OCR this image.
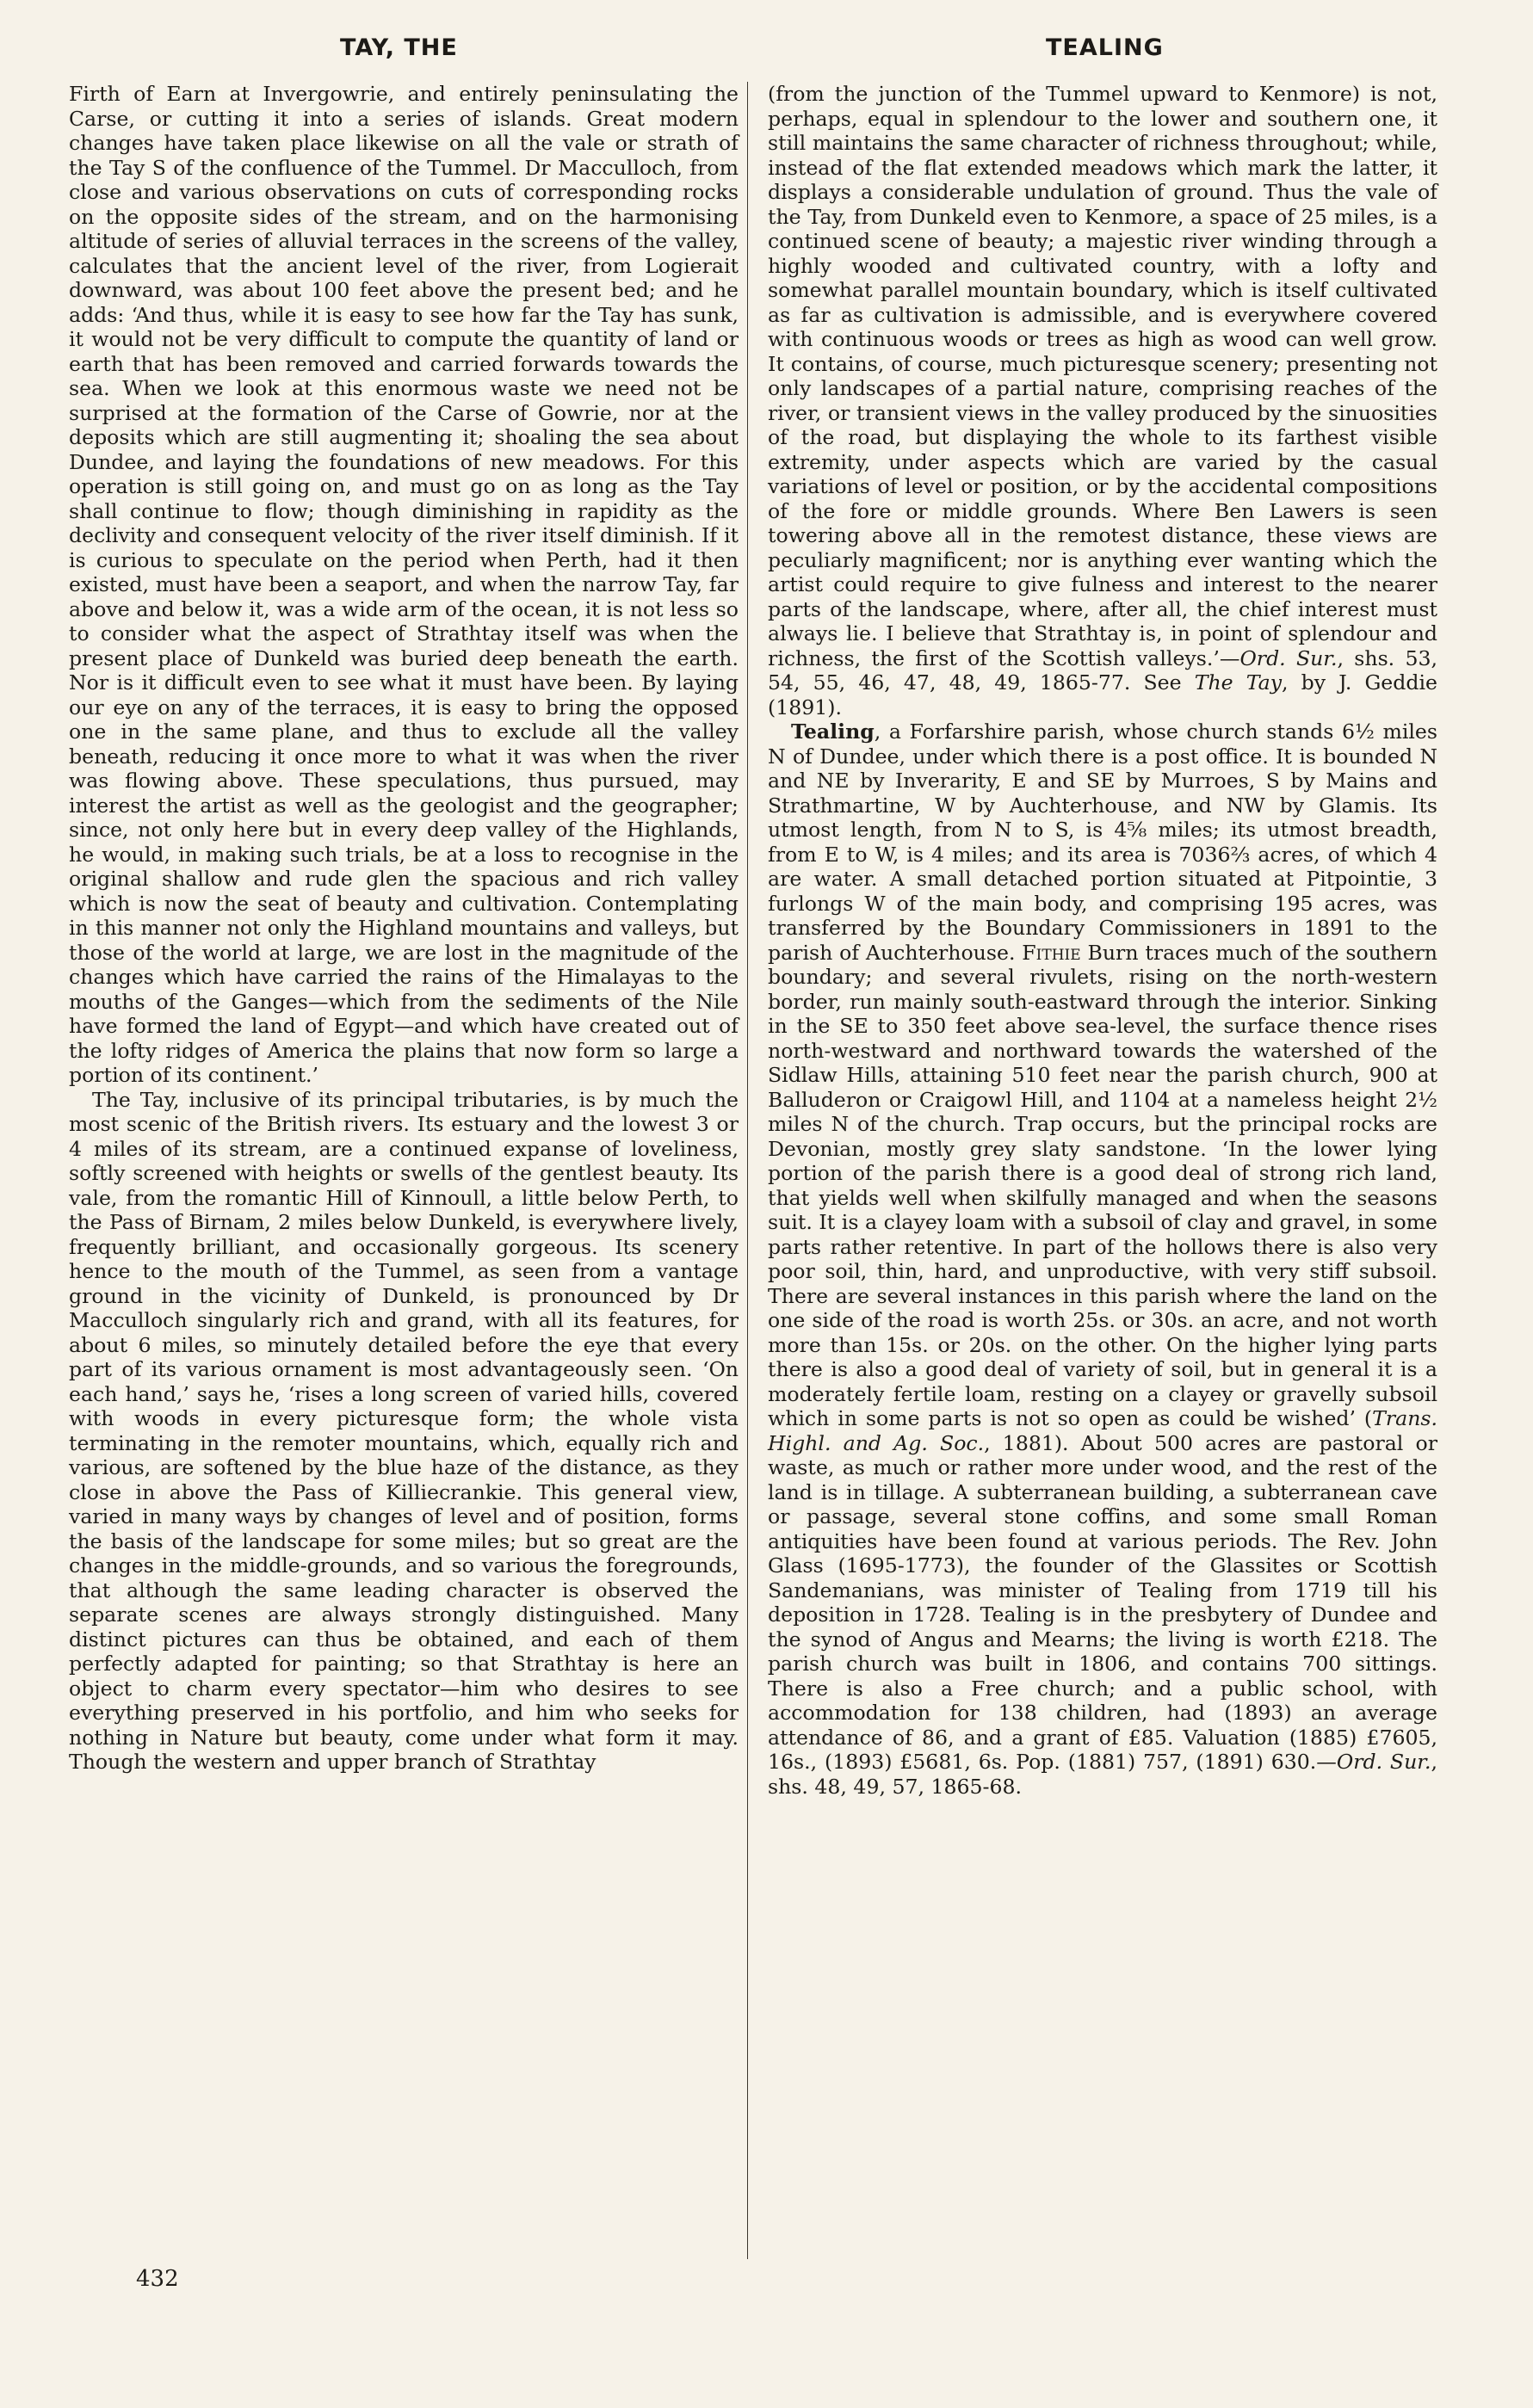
TAY, THE	TEALING

Firth of Earn at Invergowrie, and entirely peninsulating the Carse, or cutting it into a series of islands. Great modern changes have taken place likewise on all the vale or strath of the Tay S of the confluence of the Tummel. Dr Macculloch, from close and various observations on cuts of corresponding rocks on the opposite sides of the stream, and on the harmonising altitude of series of alluvial terraces in the screens of the valley, calculates that the ancient level of the river, from Logierait downward, was about 100 feet above the present bed; and he adds: ‘And thus, while it is easy to see how far the Tay has sunk, it would not be very difficult to compute the quantity of land or earth that has been removed and carried forwards towards the sea. When we look at this enormous waste we need not be surprised at the formation of the Carse of Gowrie, nor at the deposits which are still augmenting it; shoaling the sea about Dundee, and laying the foundations of new meadows. For this operation is still going on, and must go on as long as the Tay shall continue to flow; though diminishing in rapidity as the declivity and consequent velocity of the river itself diminish. If it is curious to speculate on the period when Perth, had it then existed, must have been a seaport, and when the narrow Tay, far above and below it, was a wide arm of the ocean, it is not less so to consider what the aspect of Strathtay itself was when the present place of Dunkeld was buried deep beneath the earth. Nor is it difficult even to see what it must have been. By laying our eye on any of the terraces, it is easy to bring the opposed one in the same plane, and thus to exclude all the valley beneath, reducing it once more to what it was when the river was flowing above. These speculations, thus pursued, may interest the artist as well as the geologist and the geographer; since, not only here but in every deep valley of the Highlands, he would, in making such trials, be at a loss to recognise in the original shallow and rude glen the spacious and rich valley which is now the seat of beauty and cultivation. Contemplating in this manner not only the Highland mountains and valleys, but those of the world at large, we are lost in the magnitude of the changes which have carried the rains of the Himalayas to the mouths of the Ganges—which from the sediments of the Nile have formed the land of Egypt—and which have created out of the lofty ridges of America the plains that now form so large a portion of its continent.’

The Tay, inclusive of its principal tributaries, is by much the most scenic of the British rivers. Its estuary and the lowest 3 or 4 miles of its stream, are a continued expanse of loveliness, softly screened with heights or swells of the gentlest beauty. Its vale, from the romantic Hill of Kinnoull, a little below Perth, to the Pass of Birnam, 2 miles below Dunkeld, is everywhere lively, frequently brilliant, and occasionally gorgeous. Its scenery hence to the mouth of the Tummel, as seen from a vantage ground in the vicinity of Dunkeld, is pronounced by Dr Macculloch singularly rich and grand, with all its features, for about 6 miles, so minutely detailed before the eye that every part of its various ornament is most advantageously seen. ‘On each hand,’ says he, ‘rises a long screen of varied hills, covered with woods in every picturesque form; the whole vista terminating in the remoter mountains, which, equally rich and various, are softened by the blue haze of the distance, as they close in above the Pass of Killiecrankie. This general view, varied in many ways by changes of level and of position, forms the basis of the landscape for some miles; but so great are the changes in the middle-grounds, and so various the foregrounds, that although the same leading character is observed the separate scenes are always strongly distinguished. Many distinct pictures can thus be obtained, and each of them perfectly adapted for painting; so that Strathtay is here an object to charm every spectator—him who desires to see everything preserved in his portfolio, and him who seeks for nothing in Nature but beauty, come under what form it may. Though the western and upper branch of Strathtay

(from the junction of the Tummel upward to Kenmore) is not, perhaps, equal in splendour to the lower and southern one, it still maintains the same character of richness throughout; while, instead of the flat extended meadows which mark the latter, it displays a considerable undulation of ground. Thus the vale of the Tay, from Dunkeld even to Kenmore, a space of 25 miles, is a continued scene of beauty; a majestic river winding through a highly wooded and cultivated country, with a lofty and somewhat parallel mountain boundary, which is itself cultivated as far as cultivation is admissible, and is everywhere covered with continuous woods or trees as high as wood can well grow. It contains, of course, much picturesque scenery; presenting not only landscapes of a partial nature, comprising reaches of the river, or transient views in the valley produced by the sinuosities of the road, but displaying the whole to its farthest visible extremity, under aspects which are varied by the casual variations of level or position, or by the accidental compositions of the fore or middle grounds. Where Ben Lawers is seen towering above all in the remotest distance, these views are peculiarly magnificent; nor is anything ever wanting which the artist could require to give fulness and interest to the nearer parts of the landscape, where, after all, the chief interest must always lie. I believe that Strathtay is, in point of splendour and richness, the first of the Scottish valleys.’—Ord. Sur., shs. 53, 54, 55, 46, 47, 48, 49, 1865-77. See The Tay, by J. Geddie (1891).

Tealing, a Forfarshire parish, whose church stands 6½ miles N of Dundee, under which there is a post office. It is bounded N and NE by Inverarity, E and SE by Murroes, S by Mains and Strathmartine, W by Auchterhouse, and NW by Glamis. Its utmost length, from N to S, is 4⅝ miles; its utmost breadth, from E to W, is 4 miles; and its area is 7036⅔ acres, of which 4 are water. A small detached portion situated at Pitpointie, 3 furlongs W of the main body, and comprising 195 acres, was transferred by the Boundary Commissioners in 1891 to the parish of Auchterhouse. Fithie Burn traces much of the southern boundary; and several rivulets, rising on the north-western border, run mainly south-eastward through the interior. Sinking in the SE to 350 feet above sea-level, the surface thence rises north-westward and northward towards the watershed of the Sidlaw Hills, attaining 510 feet near the parish church, 900 at Balluderon or Craigowl Hill, and 1104 at a nameless height 2½ miles N of the church. Trap occurs, but the principal rocks are Devonian, mostly grey slaty sandstone. ‘In the lower lying portion of the parish there is a good deal of strong rich land, that yields well when skilfully managed and when the seasons suit. It is a clayey loam with a subsoil of clay and gravel, in some parts rather retentive. In part of the hollows there is also very poor soil, thin, hard, and unproductive, with very stiff subsoil. There are several instances in this parish where the land on the one side of the road is worth 25s. or 30s. an acre, and not worth more than 15s. or 20s. on the other. On the higher lying parts there is also a good deal of variety of soil, but in general it is a moderately fertile loam, resting on a clayey or gravelly subsoil which in some parts is not so open as could be wished’ (Trans. Highl. and Ag. Soc., 1881). About 500 acres are pastoral or waste, as much or rather more under wood, and the rest of the land is in tillage. A subterranean building, a subterranean cave or passage, several stone coffins, and some small Roman antiquities have been found at various periods. The Rev. John Glass (1695-1773), the founder of the Glassites or Scottish Sandemanians, was minister of Tealing from 1719 till his deposition in 1728. Tealing is in the presbytery of Dundee and the synod of Angus and Mearns; the living is worth £218. The parish church was built in 1806, and contains 700 sittings. There is also a Free church; and a public school, with accommodation for 138 children, had (1893) an average attendance of 86, and a grant of £85. Valuation (1885) £7605, 16s., (1893) £5681, 6s. Pop. (1881) 757, (1891) 630.—Ord. Sur., shs. 48, 49, 57, 1865-68.

432
